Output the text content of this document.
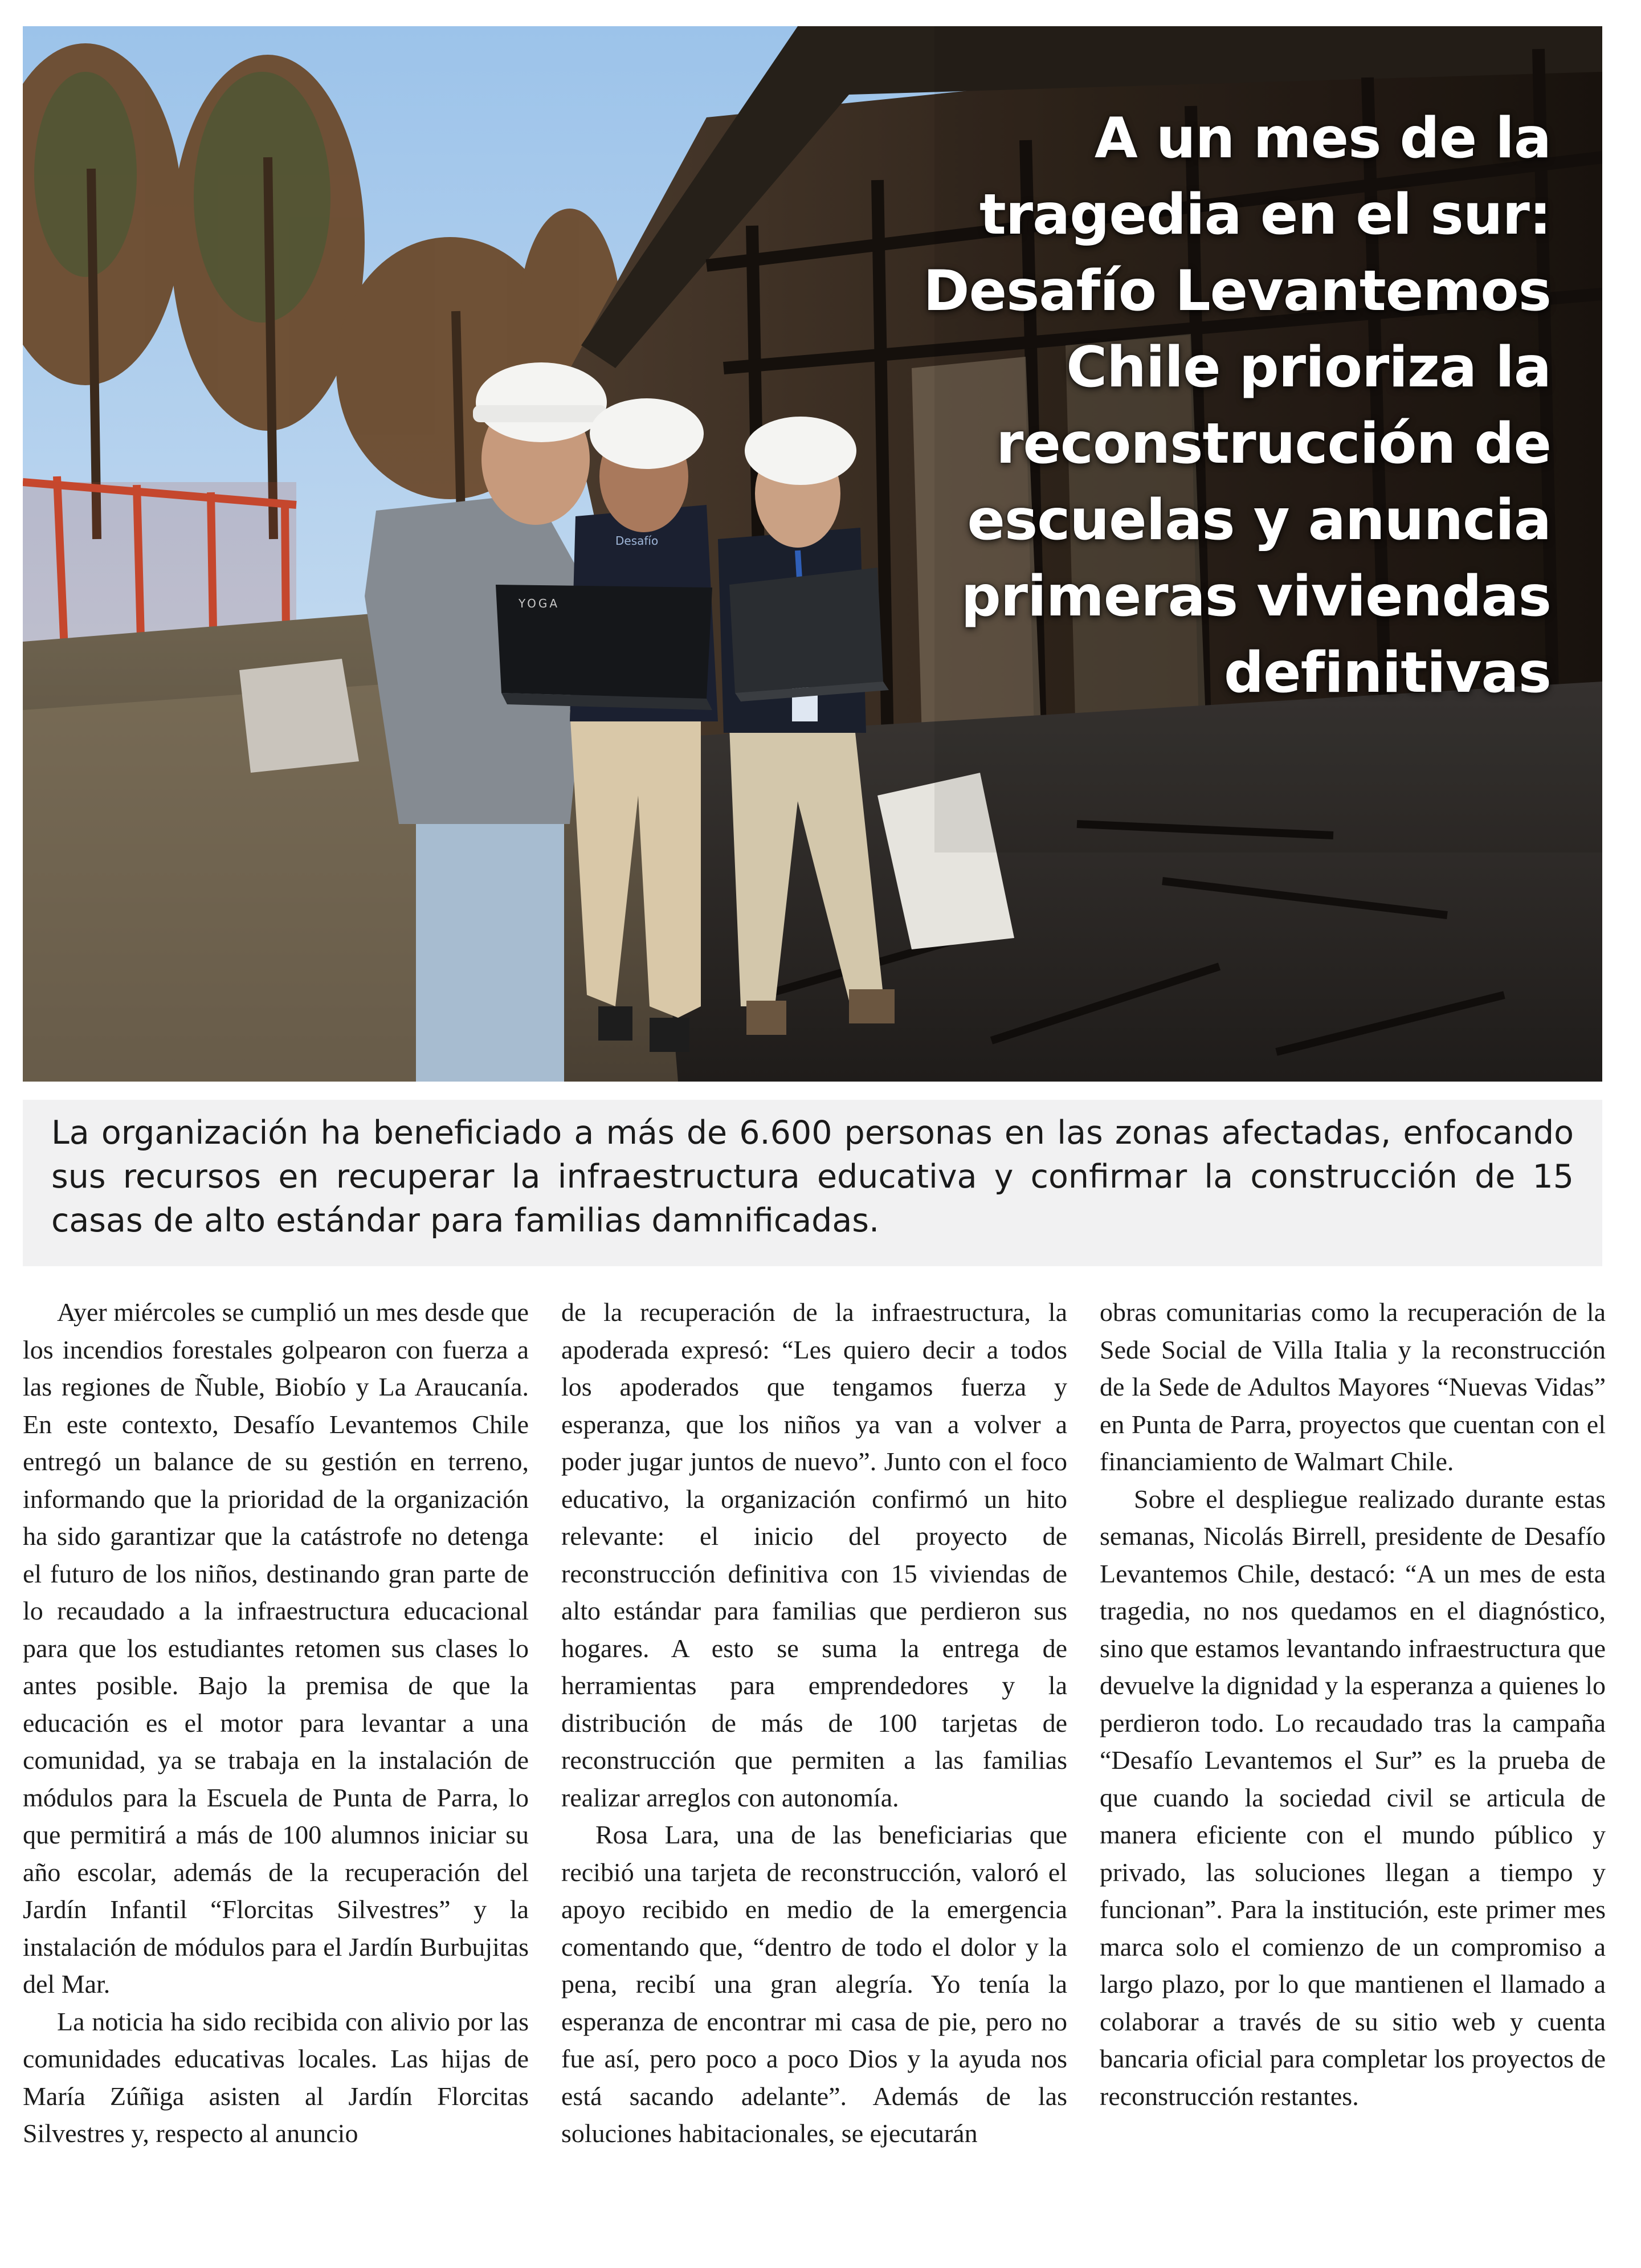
YOGA
Desafío
A un mes de la tragedia en el sur: Desafío Levantemos Chile prioriza la reconstrucción de escuelas y anuncia primeras viviendas definitivas

La organización ha beneficiado a más de 6.600 personas en las zonas afectadas, enfocando sus recursos en recuperar la infraestructura educativa y confirmar la construcción de 15 casas de alto estándar para familias damnificadas.

Ayer miércoles se cumplió un mes desde que los incendios forestales golpearon con fuerza a las regiones de Ñuble, Biobío y La Araucanía. En este contexto, Desafío Levantemos Chile entregó un balance de su gestión en terreno, informando que la prioridad de la organización ha sido garantizar que la catástrofe no detenga el futuro de los niños, destinando gran parte de lo recaudado a la infraestructura educacional para que los estudiantes retomen sus clases lo antes posible. Bajo la premisa de que la educación es el motor para levantar a una comunidad, ya se trabaja en la instalación de módulos para la Escuela de Punta de Parra, lo que permitirá a más de 100 alumnos iniciar su año escolar, además de la recuperación del Jardín Infantil “Florcitas Silvestres” y la instalación de módulos para el Jardín Burbujitas del Mar.

La noticia ha sido recibida con alivio por las comunidades educativas locales. Las hijas de María Zúñiga asisten al Jardín Florcitas Silvestres y, respecto al anuncio

de la recuperación de la infraestructura, la apoderada expresó: “Les quiero decir a todos los apoderados que tengamos fuerza y esperanza, que los niños ya van a volver a poder jugar juntos de nuevo”. Junto con el foco educativo, la organización confirmó un hito relevante: el inicio del proyecto de reconstrucción definitiva con 15 viviendas de alto estándar para familias que perdieron sus hogares. A esto se suma la entrega de herramientas para emprendedores y la distribución de más de 100 tarjetas de reconstrucción que permiten a las familias realizar arreglos con autonomía.

Rosa Lara, una de las beneficiarias que recibió una tarjeta de reconstrucción, valoró el apoyo recibido en medio de la emergencia comentando que, “dentro de todo el dolor y la pena, recibí una gran alegría. Yo tenía la esperanza de encontrar mi casa de pie, pero no fue así, pero poco a poco Dios y la ayuda nos está sacando adelante”. Además de las soluciones habitacionales, se ejecutarán

obras comunitarias como la recuperación de la Sede Social de Villa Italia y la reconstrucción de la Sede de Adultos Mayores “Nuevas Vidas” en Punta de Parra, proyectos que cuentan con el financiamiento de Walmart Chile.

Sobre el despliegue realizado durante estas semanas, Nicolás Birrell, presidente de Desafío Levantemos Chile, destacó: “A un mes de esta tragedia, no nos quedamos en el diagnóstico, sino que estamos levantando infraestructura que devuelve la dignidad y la esperanza a quienes lo perdieron todo. Lo recaudado tras la campaña “Desafío Levantemos el Sur” es la prueba de que cuando la sociedad civil se articula de manera eficiente con el mundo público y privado, las soluciones llegan a tiempo y funcionan”. Para la institución, este primer mes marca solo el comienzo de un compromiso a largo plazo, por lo que mantienen el llamado a colaborar a través de su sitio web y cuenta bancaria oficial para completar los proyectos de reconstrucción restantes.
